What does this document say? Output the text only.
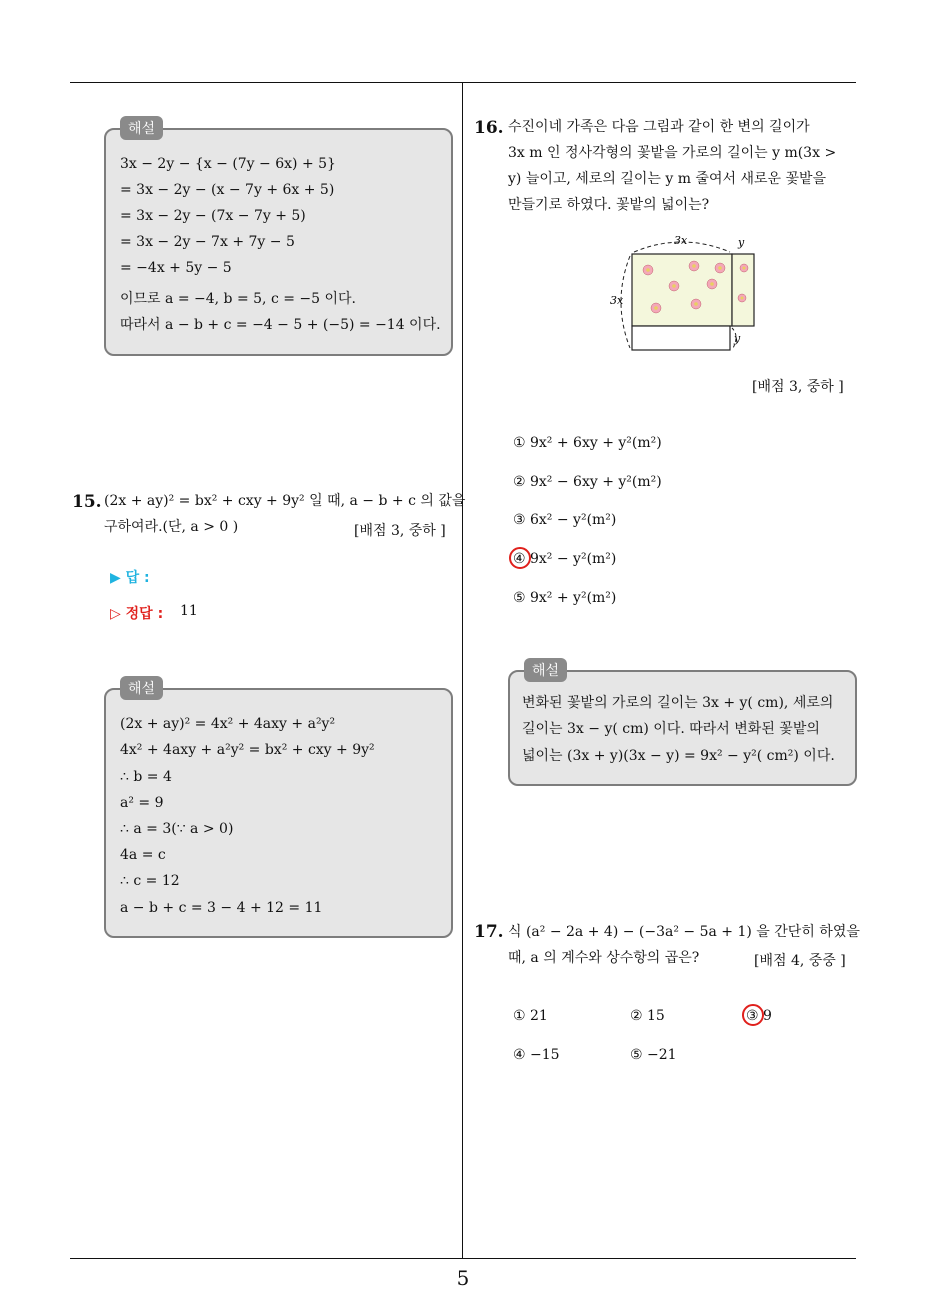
해설
3x − 2y − {x − (7y − 6x) + 5}
= 3x − 2y − (x − 7y + 6x + 5)
= 3x − 2y − (7x − 7y + 5)
= 3x − 2y − 7x + 7y − 5
= −4x + 5y − 5
이므로 a = −4, b = 5, c = −5 이다.
따라서 a − b + c = −4 − 5 + (−5) = −14 이다.
15. (2x + ay)² = bx² + cxy + 9y² 일 때, a − b + c 의 값을
구하여라.(단, a > 0 )	[배점 3, 중하 ]
▶ 답 :
▷ 정답 : 11
해설
(2x + ay)² = 4x² + 4axy + a²y²
4x² + 4axy + a²y² = bx² + cxy + 9y²
∴ b = 4
a² = 9
∴ a = 3(∵ a > 0)
4a = c
∴ c = 12
a − b + c = 3 − 4 + 12 = 11
16. 수진이네 가족은 다음 그림과 같이 한 변의 길이가
3x m 인 정사각형의 꽃밭을 가로의 길이는 y m(3x >
y) 늘이고, 세로의 길이는 y m 줄여서 새로운 꽃밭을
만들기로 하였다. 꽃밭의 넓이는?
3x	y
3x
y
[배점 3, 중하 ]
① 9x² + 6xy + y²(m²)
② 9x² − 6xy + y²(m²)
③ 6x² − y²(m²)
④ 9x² − y²(m²)
⑤ 9x² + y²(m²)
해설
변화된 꽃밭의 가로의 길이는 3x + y( cm), 세로의
길이는 3x − y( cm) 이다. 따라서 변화된 꽃밭의
넓이는 (3x + y)(3x − y) = 9x² − y²( cm²) 이다.
17. 식 (a² − 2a + 4) − (−3a² − 5a + 1) 을 간단히 하였을
때, a 의 계수와 상수항의 곱은?	[배점 4, 중중 ]
① 21	② 15	③ 9
④ −15	⑤ −21
5
